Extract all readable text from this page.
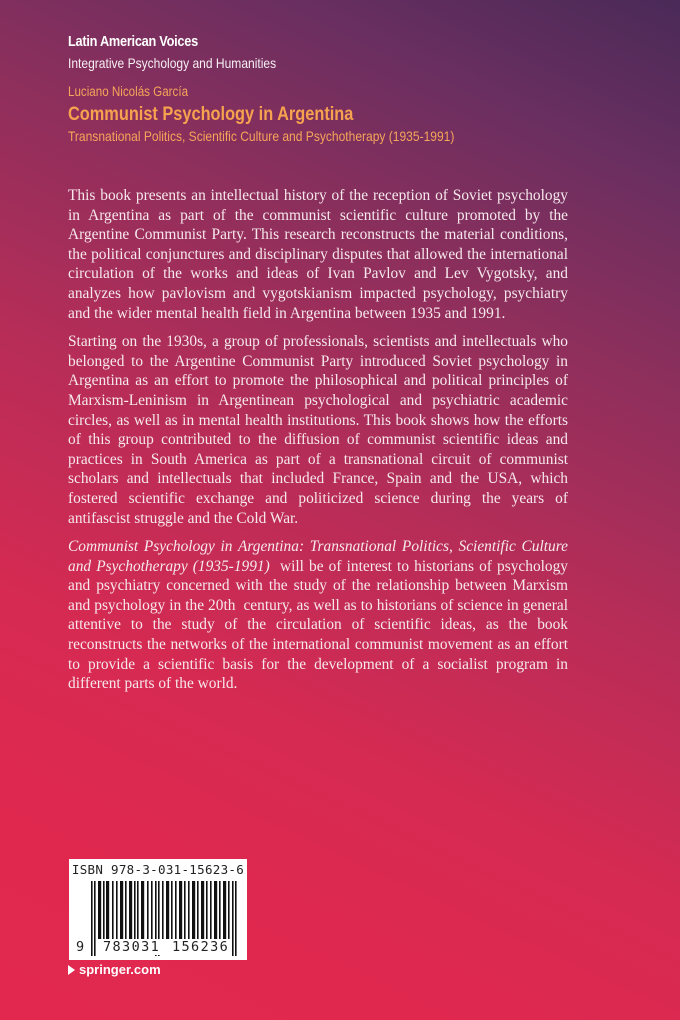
Latin American Voices
Integrative Psychology and Humanities
Luciano Nicolás García
Communist Psychology in Argentina
Transnational Politics, Scientific Culture and Psychotherapy (1935-1991)

This book presents an intellectual history of the reception of Soviet psychology in Argentina as part of the communist scientific culture promoted by the Argentine Communist Party. This research reconstructs the material conditions, the political conjunctures and disciplinary disputes that allowed the international circulation of the works and ideas of Ivan Pavlov and Lev Vygotsky, and analyzes how pavlovism and vygotskianism impacted psychology, psychiatry and the wider mental health field in Argentina between 1935 and 1991.

Starting on the 1930s, a group of professionals, scientists and intellectuals who belonged to the Argentine Communist Party introduced Soviet psychology in Argentina as an effort to promote the philosophical and political principles of Marxism-Leninism in Argentinean psychological and psychiatric academic circles, as well as in mental health institutions. This book shows how the efforts of this group contributed to the diffusion of communist scientific ideas and practices in South America as part of a transnational circuit of communist scholars and intellectuals that included France, Spain and the USA, which fostered scientific exchange and politicized science during the years of antifascist struggle and the Cold War.

Communist Psychology in Argentina: Transnational Politics, Scientific Culture and Psychotherapy (1935-1991)  will be of interest to historians of psychology and psychiatry concerned with the study of the relationship between Marxism and psychology in the 20th  century, as well as to historians of science in general attentive to the study of the circulation of scientific ideas, as the book reconstructs the networks of the international communist movement as an effort to provide a scientific basis for the development of a socialist program in different parts of the world.

ISBN 978-3-031-15623-6
9 783031 156236
springer.com
